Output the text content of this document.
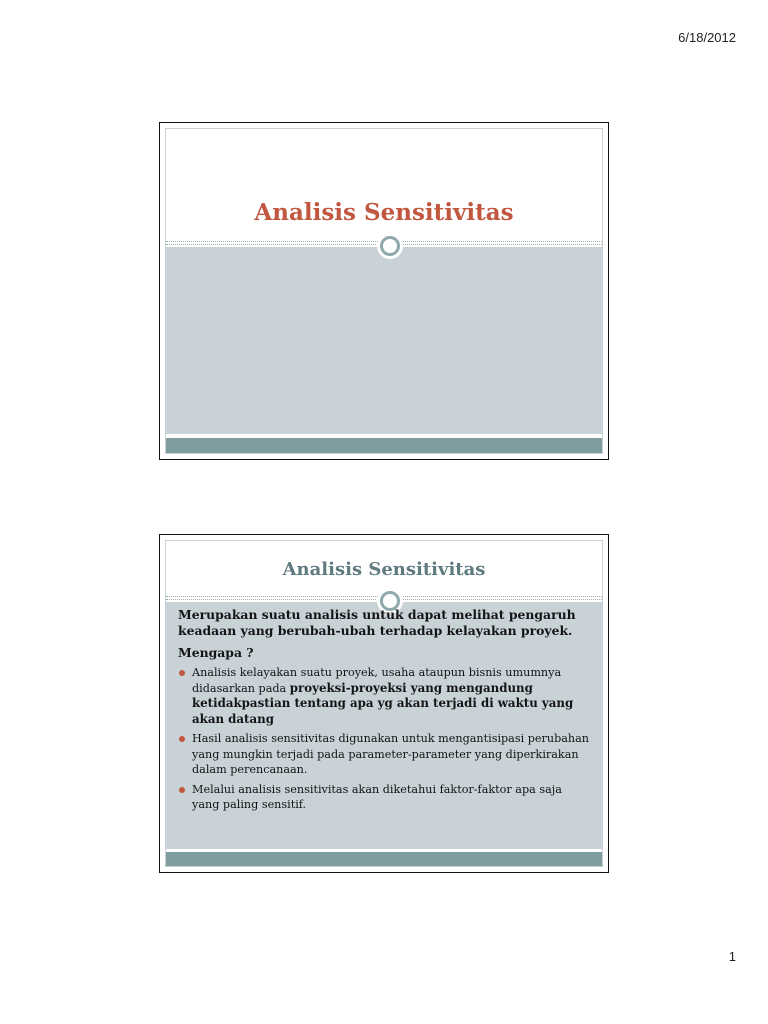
6/18/2012
Analisis Sensitivitas
Analisis Sensitivitas

Merupakan suatu analisis untuk dapat melihat pengaruh keadaan yang berubah-ubah terhadap kelayakan proyek.

Mengapa ?

Analisis kelayakan suatu proyek, usaha ataupun bisnis umumnya didasarkan pada proyeksi-proyeksi yang mengandung ketidakpastian tentang apa yg akan terjadi di waktu yang akan datang
Hasil analisis sensitivitas digunakan untuk mengantisipasi perubahan yang mungkin terjadi pada parameter-parameter yang diperkirakan dalam perencanaan.
Melalui analisis sensitivitas akan diketahui faktor-faktor apa saja yang paling sensitif.
1
